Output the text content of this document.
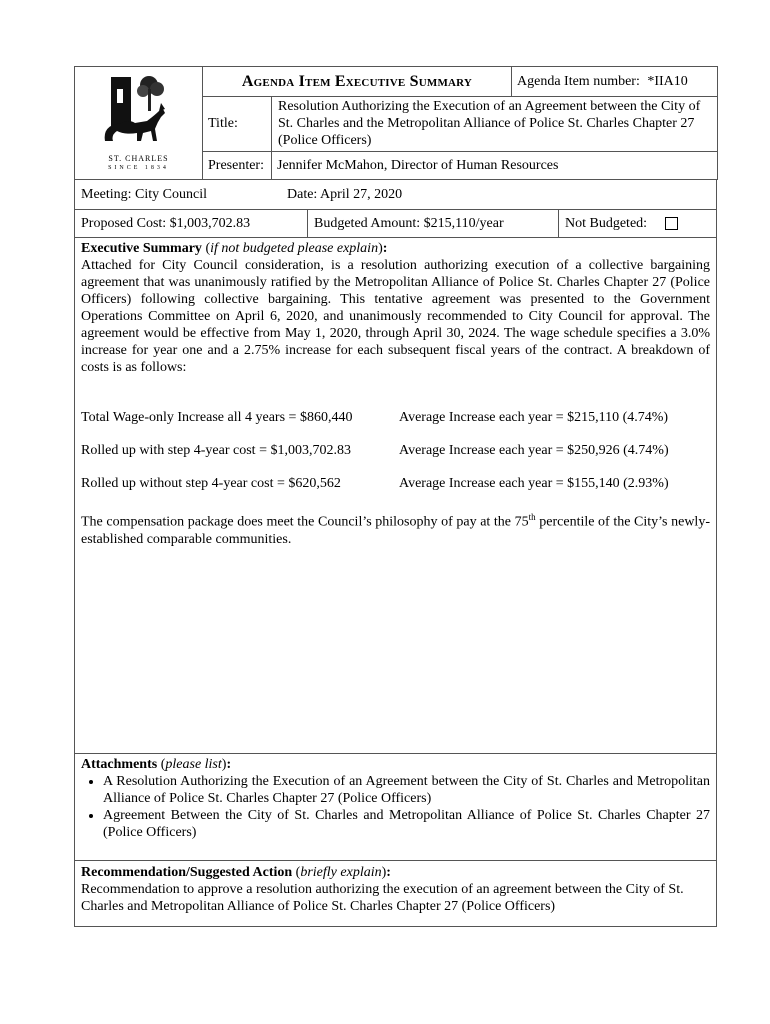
ST. CHARLES
SINCE 1834	Agenda Item Executive Summary		Agenda Item number: *IIA10
	Title:	Resolution Authorizing the Execution of an Agreement between the City of St. Charles and the Metropolitan Alliance of Police St. Charles Chapter 27 (Police Officers)	
	Presenter:	Jennifer McMahon, Director of Human Resources	
Meeting: City Council	Date: April 27, 2020
Proposed Cost: $1,003,702.83	Budgeted Amount: $215,110/year	Not Budgeted:

Executive Summary (if not budgeted please explain):

Attached for City Council consideration, is a resolution authorizing execution of a collective bargaining agreement that was unanimously ratified by the Metropolitan Alliance of Police St. Charles Chapter 27 (Police Officers) following collective bargaining. This tentative agreement was presented to the Government Operations Committee on April 6, 2020, and unanimously recommended to City Council for approval. The agreement would be effective from May 1, 2020, through April 30, 2024. The wage schedule specifies a 3.0% increase for year one and a 2.75% increase for each subsequent fiscal years of the contract. A breakdown of costs is as follows:

Total Wage-only Increase all 4 years = $860,440	Average Increase each year = $215,110 (4.74%)
Rolled up with step 4-year cost = $1,003,702.83	Average Increase each year = $250,926 (4.74%)
Rolled up without step 4-year cost = $620,562	Average Increase each year = $155,140 (2.93%)

The compensation package does meet the Council’s philosophy of pay at the 75th percentile of the City’s newly-established comparable communities.

Attachments (please list):

• A Resolution Authorizing the Execution of an Agreement between the City of St. Charles and Metropolitan Alliance of Police St. Charles Chapter 27 (Police Officers)
• Agreement Between the City of St. Charles and Metropolitan Alliance of Police St. Charles Chapter 27 (Police Officers)

Recommendation/Suggested Action (briefly explain):

Recommendation to approve a resolution authorizing the execution of an agreement between the City of St. Charles and Metropolitan Alliance of Police St. Charles Chapter 27 (Police Officers)
